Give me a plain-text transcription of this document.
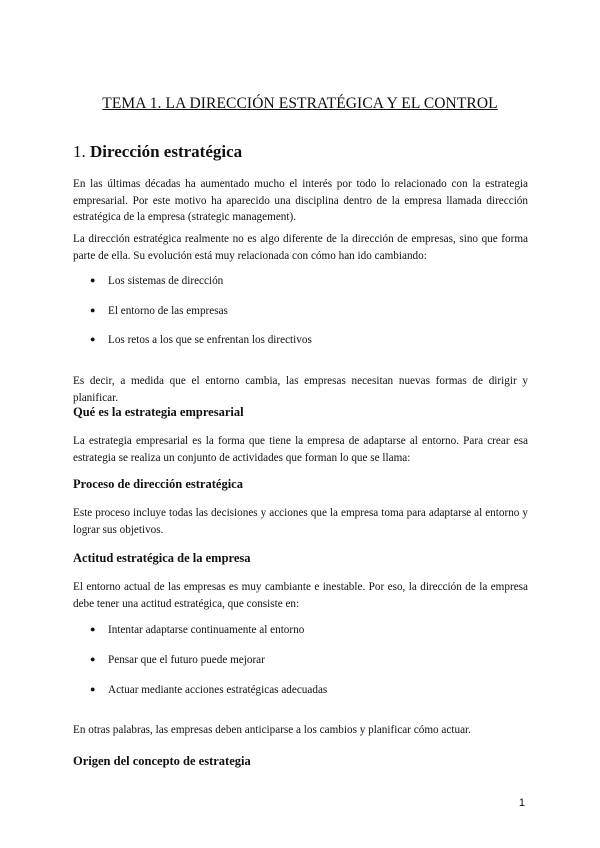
TEMA 1. LA DIRECCIÓN ESTRATÉGICA Y EL CONTROL
1. Dirección estratégica
En las últimas décadas ha aumentado mucho el interés por todo lo relacionado con la estrategia
empresarial. Por este motivo ha aparecido una disciplina dentro de la empresa llamada dirección
estratégica de la empresa (strategic management).
La dirección estratégica realmente no es algo diferente de la dirección de empresas, sino que forma
parte de ella. Su evolución está muy relacionada con cómo han ido cambiando:
● Los sistemas de dirección
● El entorno de las empresas
● Los retos a los que se enfrentan los directivos
Es decir, a medida que el entorno cambia, las empresas necesitan nuevas formas de dirigir y planificar.
Qué es la estrategia empresarial
La estrategia empresarial es la forma que tiene la empresa de adaptarse al entorno. Para crear esa
estrategia se realiza un conjunto de actividades que forman lo que se llama:
Proceso de dirección estratégica
Este proceso incluye todas las decisiones y acciones que la empresa toma para adaptarse al entorno y
lograr sus objetivos.
Actitud estratégica de la empresa
El entorno actual de las empresas es muy cambiante e inestable. Por eso, la dirección de la empresa
debe tener una actitud estratégica, que consiste en:
● Intentar adaptarse continuamente al entorno
● Pensar que el futuro puede mejorar
● Actuar mediante acciones estratégicas adecuadas
En otras palabras, las empresas deben anticiparse a los cambios y planificar cómo actuar.
Origen del concepto de estrategia
1
